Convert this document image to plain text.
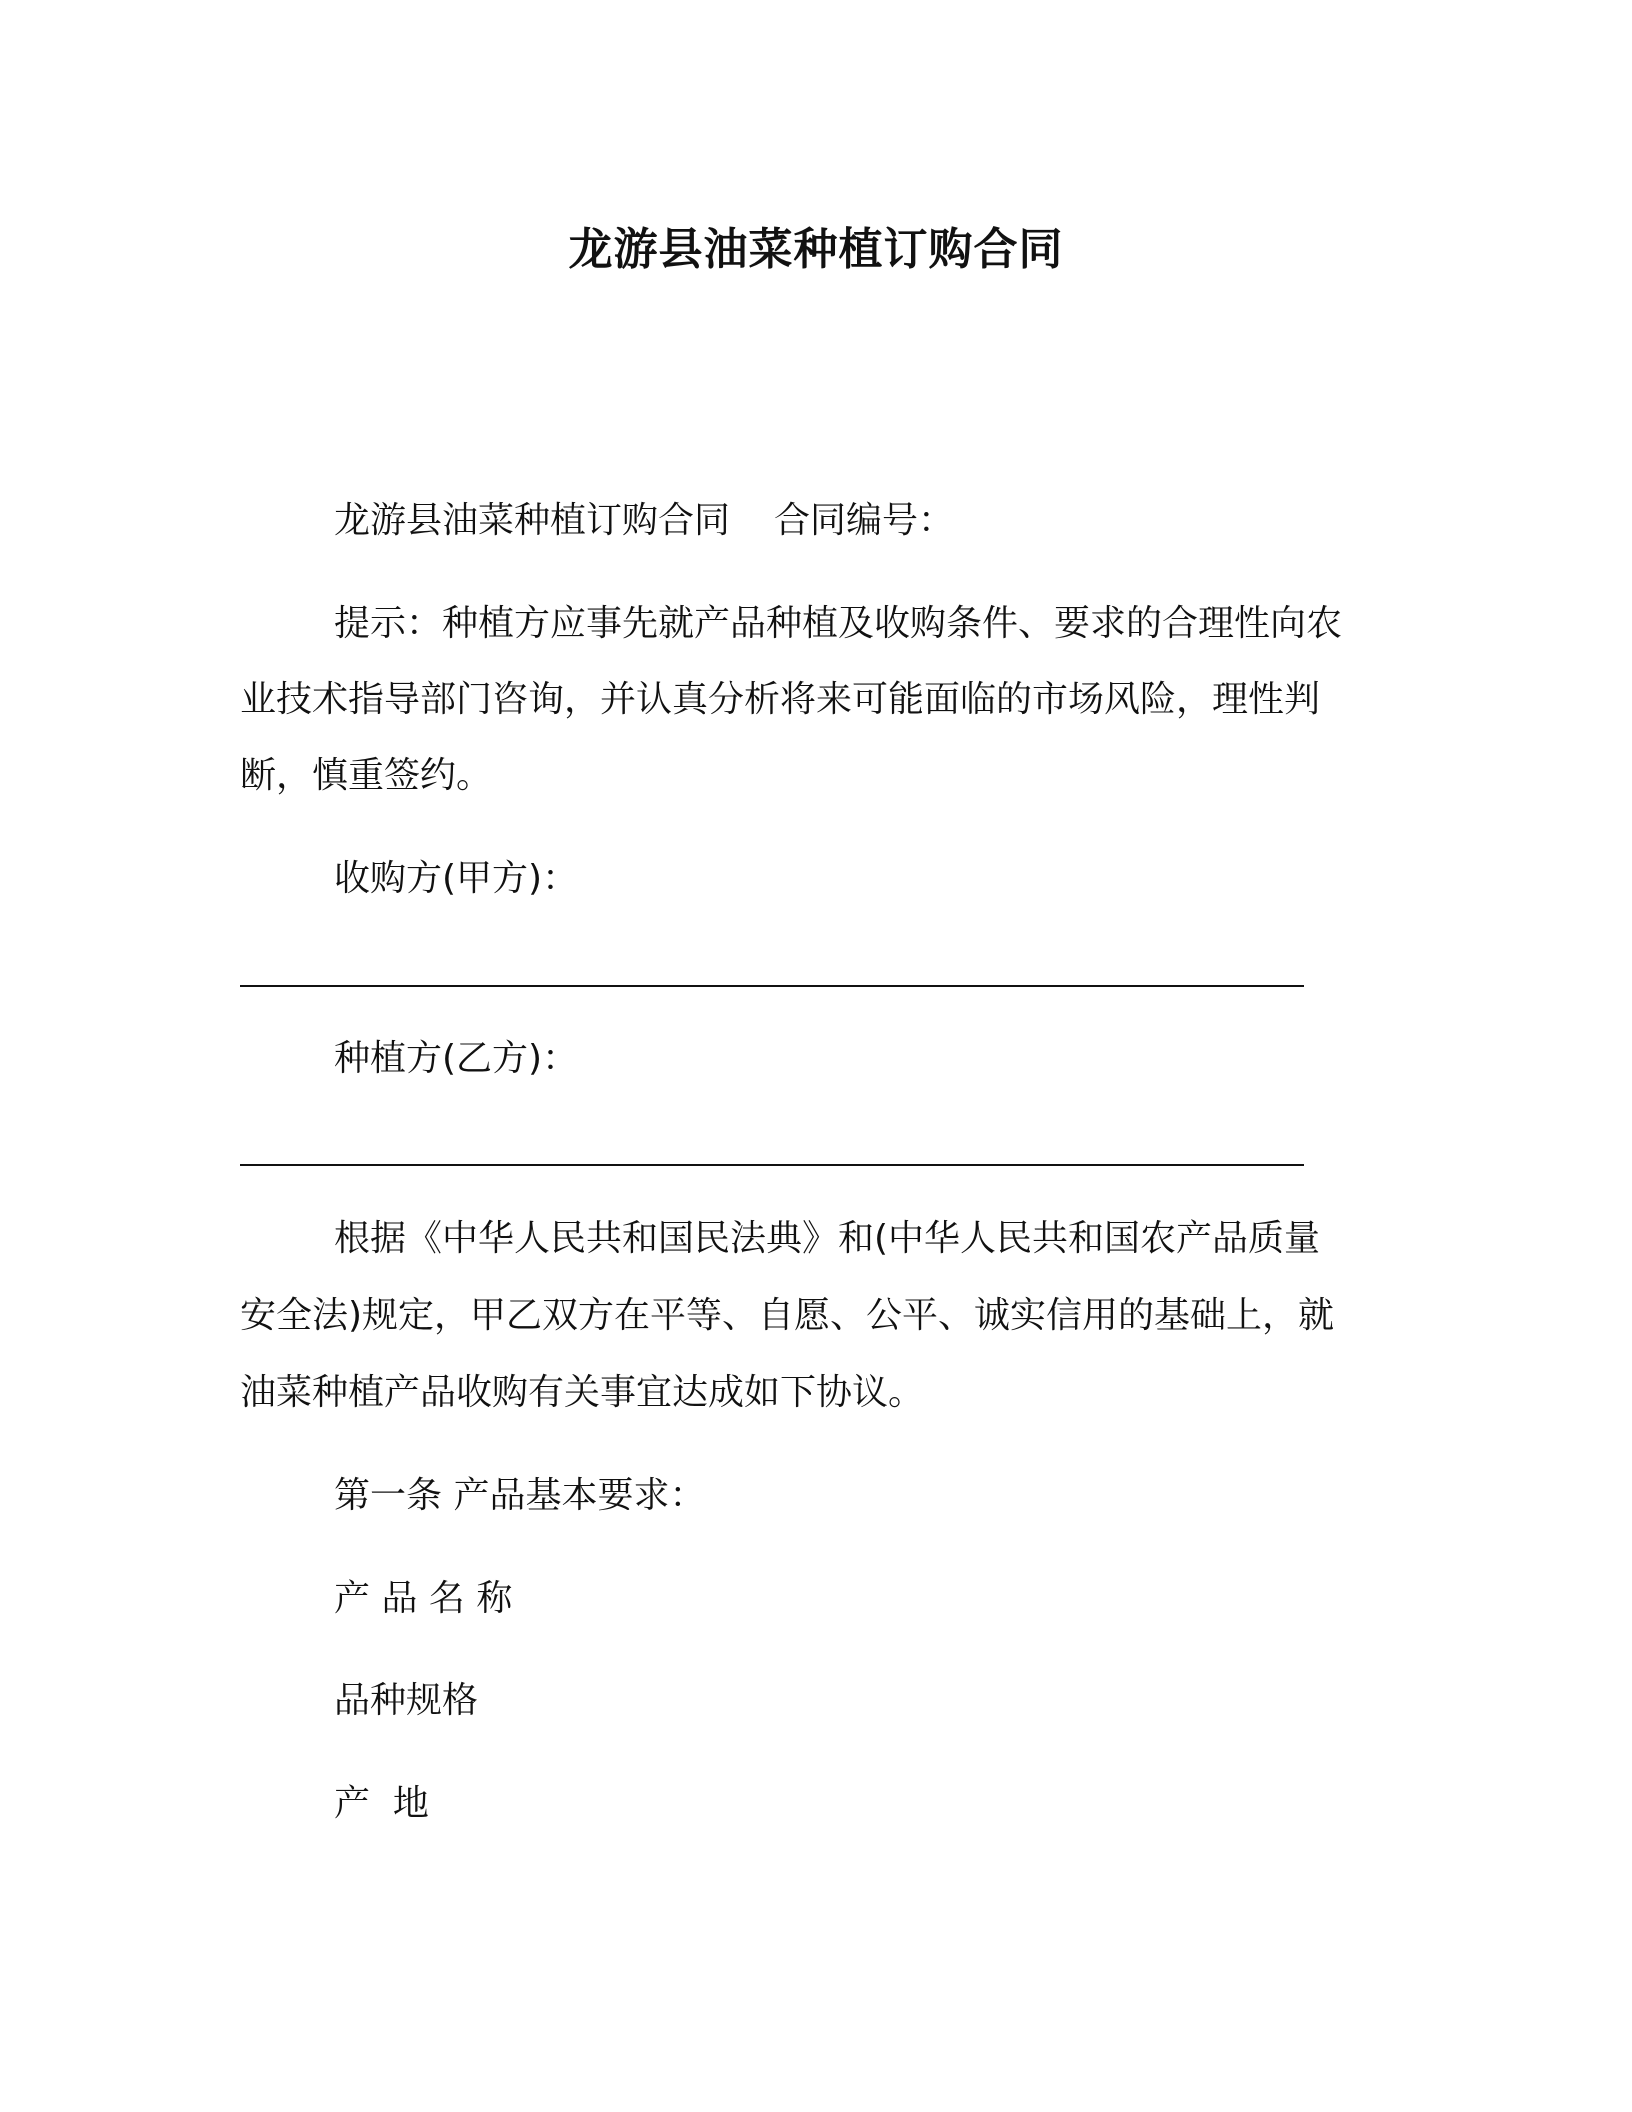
龙游县油菜种植订购合同
龙游县油菜种植订购合同 合同编号：
提示：种植方应事先就产品种植及收购条件、要求的合理性向农
业技术指导部门咨询，并认真分析将来可能面临的市场风险，理性判
断，慎重签约。
收购方(甲方)：
种植方(乙方)：
根据《中华人民共和国民法典》和(中华人民共和国农产品质量
安全法)规定，甲乙双方在平等、自愿、公平、诚实信用的基础上，就
油菜种植产品收购有关事宜达成如下协议。
第一条 产品基本要求：
产 品 名 称
品种规格
产  地
